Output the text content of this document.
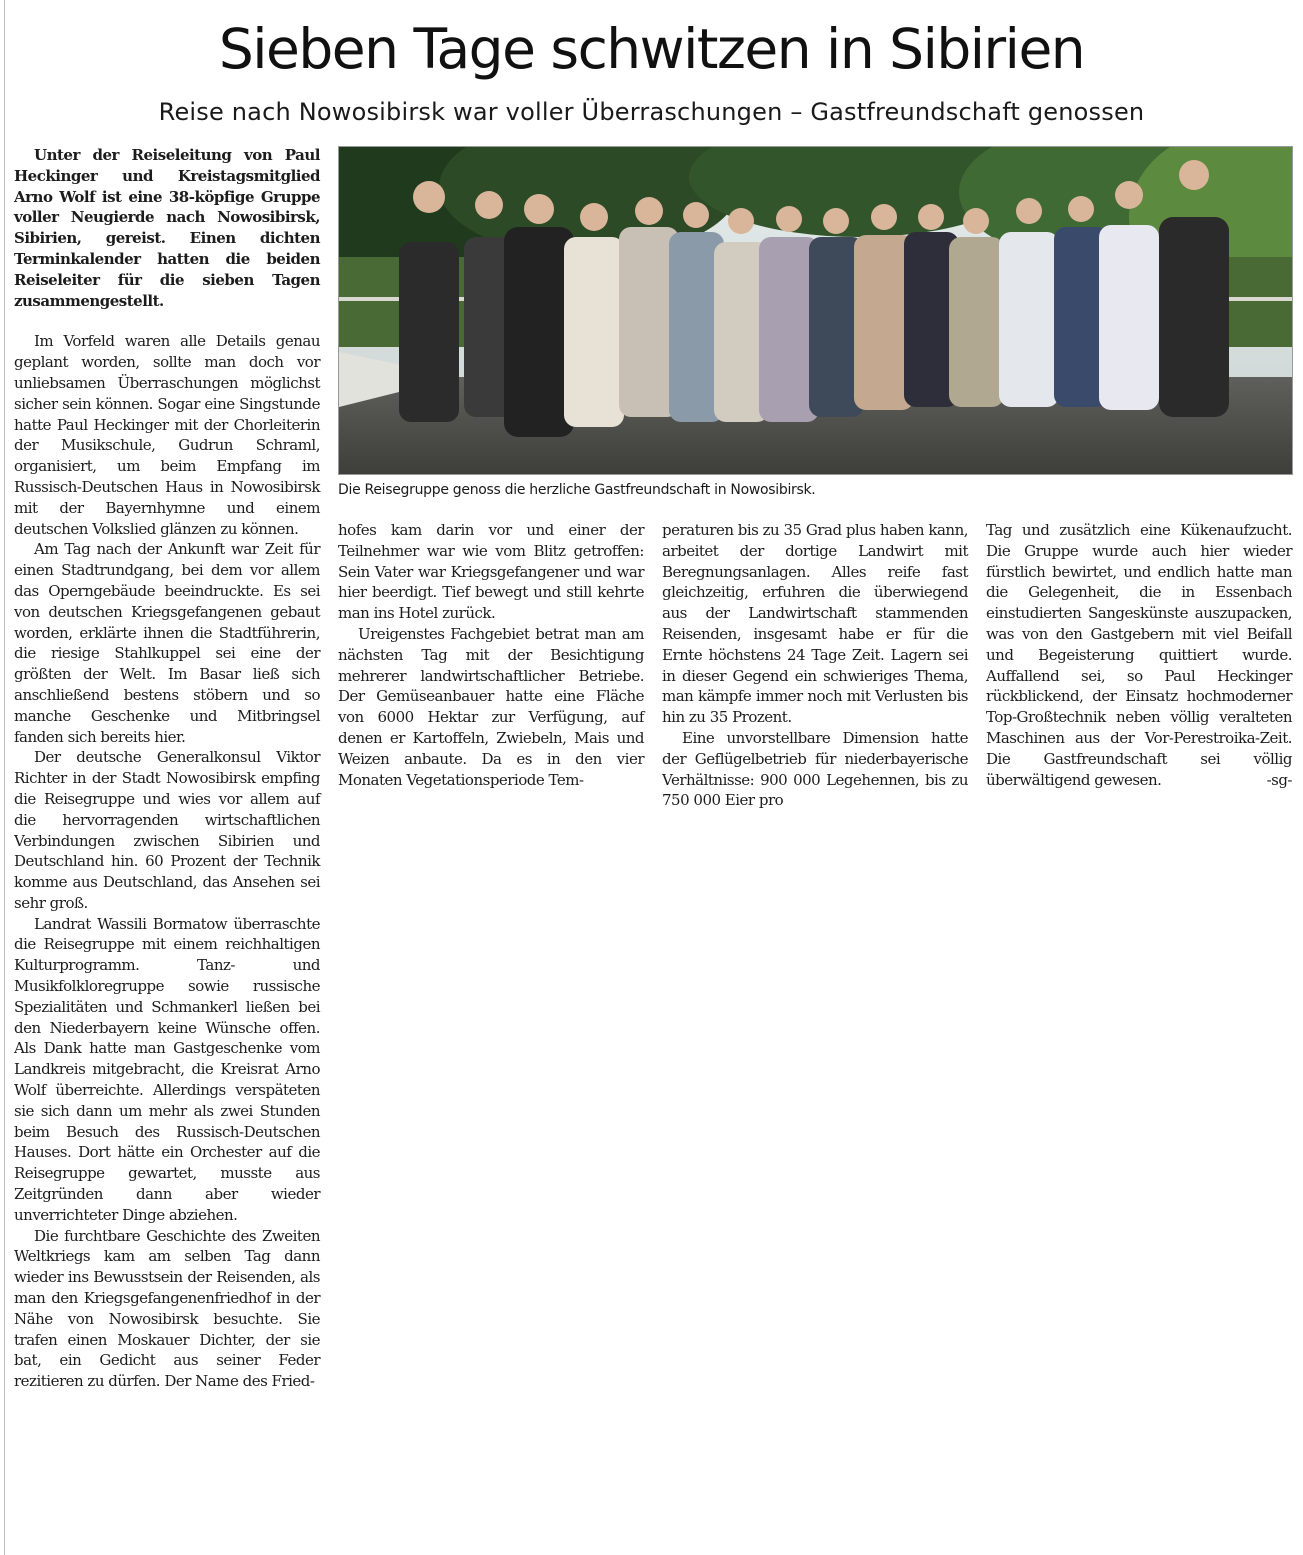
Sieben Tage schwitzen in Sibirien
Reise nach Nowosibirsk war voller Überraschungen – Gastfreundschaft genossen

Unter der Reiseleitung von Paul Heckinger und Kreistagsmitglied Arno Wolf ist eine 38-köpfige Gruppe voller Neugierde nach Nowosibirsk, Sibirien, gereist. Einen dichten Terminkalender hatten die beiden Reiseleiter für die sieben Tagen zusammengestellt.

Im Vorfeld waren alle Details genau geplant worden, sollte man doch vor unliebsamen Überraschungen möglichst sicher sein können. Sogar eine Singstunde hatte Paul Heckinger mit der Chorleiterin der Musikschule, Gudrun Schraml, organisiert, um beim Empfang im Russisch-Deutschen Haus in Nowosibirsk mit der Bayernhymne und einem deutschen Volkslied glänzen zu können.

Am Tag nach der Ankunft war Zeit für einen Stadtrundgang, bei dem vor allem das Operngebäude beeindruckte. Es sei von deutschen Kriegsgefangenen gebaut worden, erklärte ihnen die Stadtführerin, die riesige Stahlkuppel sei eine der größten der Welt. Im Basar ließ sich anschließend bestens stöbern und so manche Geschenke und Mitbringsel fanden sich bereits hier.

Der deutsche Generalkonsul Viktor Richter in der Stadt Nowosibirsk empfing die Reisegruppe und wies vor allem auf die hervorragenden wirtschaftlichen Verbindungen zwischen Sibirien und Deutschland hin. 60 Prozent der Technik komme aus Deutschland, das Ansehen sei sehr groß.

Landrat Wassili Bormatow überraschte die Reisegruppe mit einem reichhaltigen Kulturprogramm. Tanz- und Musikfolkloregruppe sowie russische Spezialitäten und Schmankerl ließen bei den Niederbayern keine Wünsche offen. Als Dank hatte man Gastgeschenke vom Landkreis mitgebracht, die Kreisrat Arno Wolf überreichte. Allerdings verspäteten sie sich dann um mehr als zwei Stunden beim Besuch des Russisch-Deutschen Hauses. Dort hätte ein Orchester auf die Reisegruppe gewartet, musste aus Zeitgründen dann aber wieder unverrichteter Dinge abziehen.

Die furchtbare Geschichte des Zweiten Weltkriegs kam am selben Tag dann wieder ins Bewusstsein der Reisenden, als man den Kriegsgefangenenfriedhof in der Nähe von Nowosibirsk besuchte. Sie trafen einen Moskauer Dichter, der sie bat, ein Gedicht aus seiner Feder rezitieren zu dürfen. Der Name des Fried-

Die Reisegruppe genoss die herzliche Gastfreundschaft in Nowosibirsk.

hofes kam darin vor und einer der Teilnehmer war wie vom Blitz getroffen: Sein Vater war Kriegsgefangener und war hier beerdigt. Tief bewegt und still kehrte man ins Hotel zurück.

Ureigenstes Fachgebiet betrat man am nächsten Tag mit der Besichtigung mehrerer landwirtschaftlicher Betriebe. Der Gemüseanbauer hatte eine Fläche von 6000 Hektar zur Verfügung, auf denen er Kartoffeln, Zwiebeln, Mais und Weizen anbaute. Da es in den vier Monaten Vegetationsperiode Tem-

peraturen bis zu 35 Grad plus haben kann, arbeitet der dortige Landwirt mit Beregnungsanlagen. Alles reife fast gleichzeitig, erfuhren die überwiegend aus der Landwirtschaft stammenden Reisenden, insgesamt habe er für die Ernte höchstens 24 Tage Zeit. Lagern sei in dieser Gegend ein schwieriges Thema, man kämpfe immer noch mit Verlusten bis hin zu 35 Prozent.

Eine unvorstellbare Dimension hatte der Geflügelbetrieb für niederbayerische Verhältnisse: 900 000 Legehennen, bis zu 750 000 Eier pro

Tag und zusätzlich eine Kükenaufzucht. Die Gruppe wurde auch hier wieder fürstlich bewirtet, und endlich hatte man die Gelegenheit, die in Essenbach einstudierten Sangeskünste auszupacken, was von den Gastgebern mit viel Beifall und Begeisterung quittiert wurde. Auffallend sei, so Paul Heckinger rückblickend, der Einsatz hochmoderner Top-Großtechnik neben völlig veralteten Maschinen aus der Vor-Perestroika-Zeit. Die Gastfreundschaft sei völlig überwältigend gewesen.	-sg-
